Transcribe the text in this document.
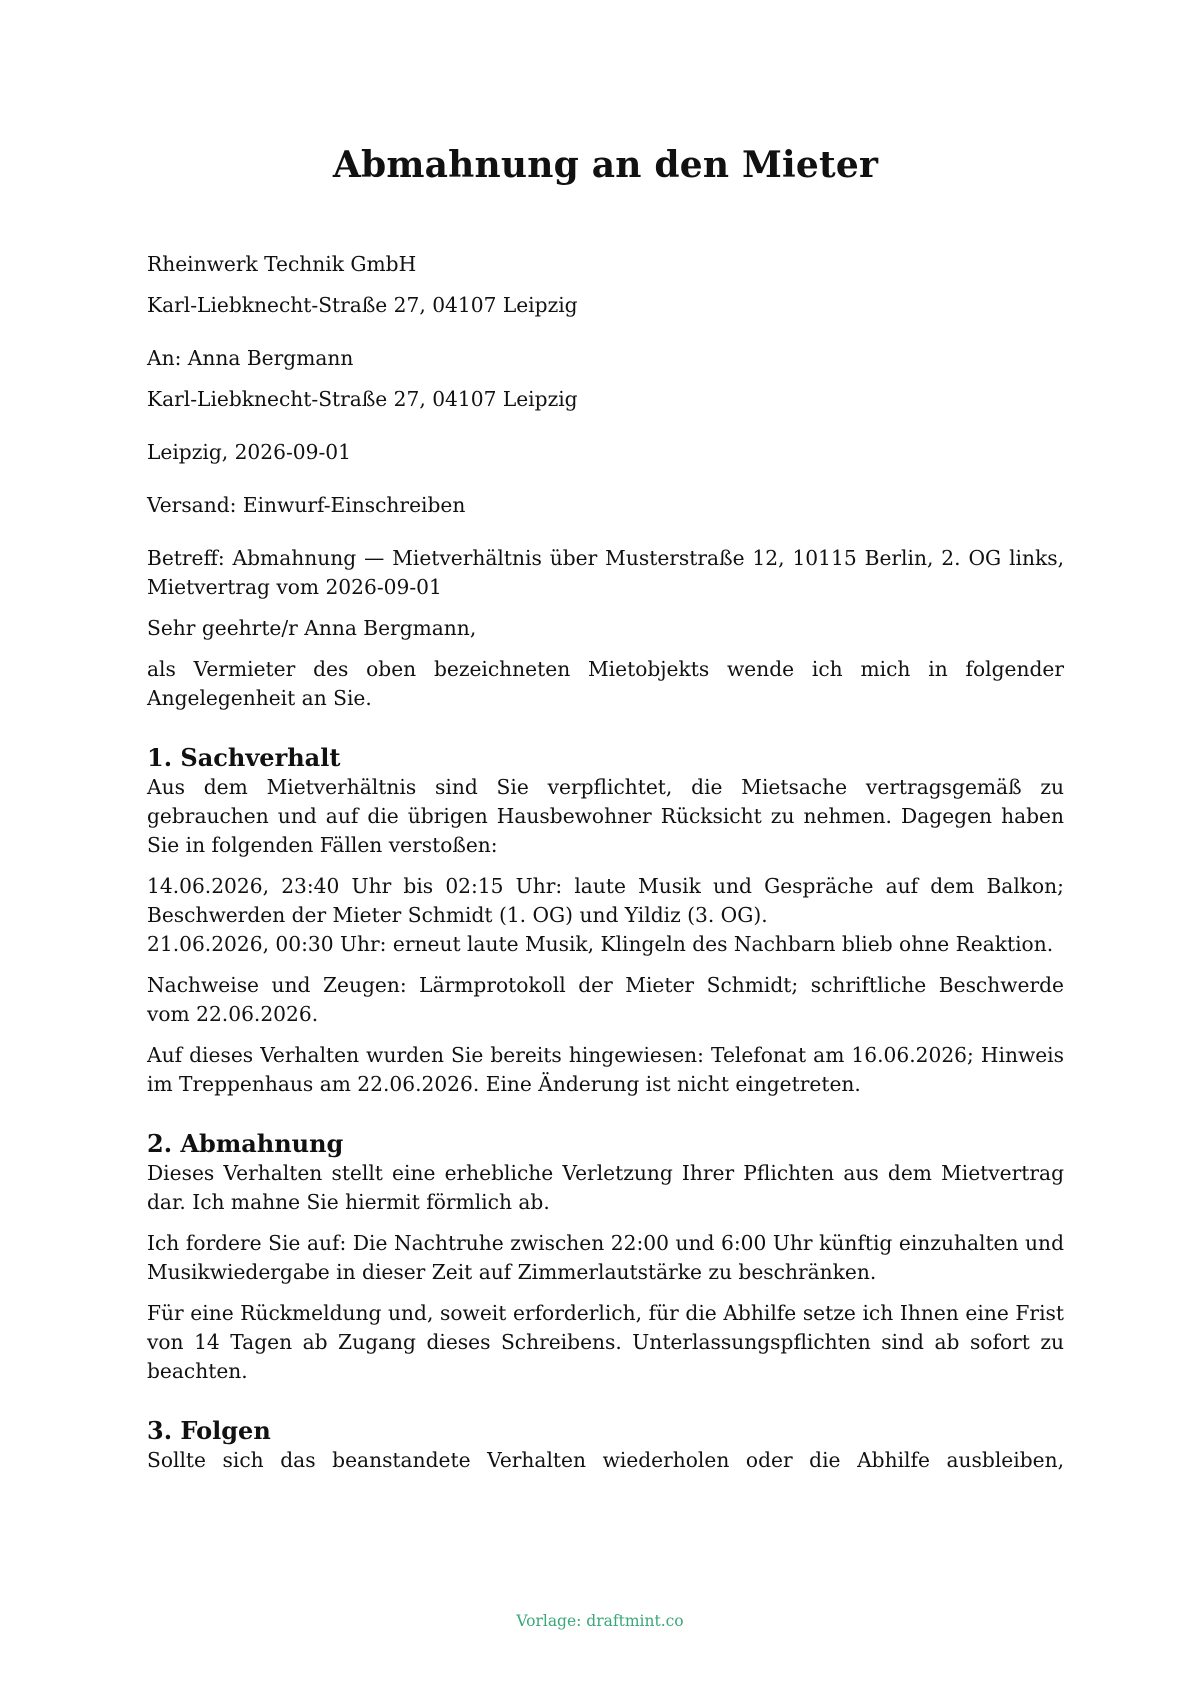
Abmahnung an den Mieter
Rheinwerk Technik GmbH
Karl-Liebknecht-Straße 27, 04107 Leipzig
An: Anna Bergmann
Karl-Liebknecht-Straße 27, 04107 Leipzig
Leipzig, 2026-09-01
Versand: Einwurf-Einschreiben

Betreff: Abmahnung — Mietverhältnis über Musterstraße 12, 10115 Berlin, 2. OG links, Mietvertrag vom 2026-09-01

Sehr geehrte/r Anna Bergmann,

als Vermieter des oben bezeichneten Mietobjekts wende ich mich in folgender Angelegenheit an Sie.

1. Sachverhalt

Aus dem Mietverhältnis sind Sie verpflichtet, die Mietsache vertragsgemäß zu gebrauchen und auf die übrigen Hausbewohner Rücksicht zu nehmen. Dagegen haben Sie in folgenden Fällen verstoßen:

14.06.2026, 23:40 Uhr bis 02:15 Uhr: laute Musik und Gespräche auf dem Balkon; Beschwerden der Mieter Schmidt (1. OG) und Yildiz (3. OG).

21.06.2026, 00:30 Uhr: erneut laute Musik, Klingeln des Nachbarn blieb ohne Reaktion.

Nachweise und Zeugen: Lärmprotokoll der Mieter Schmidt; schriftliche Beschwerde vom 22.06.2026.

Auf dieses Verhalten wurden Sie bereits hingewiesen: Telefonat am 16.06.2026; Hinweis im Treppenhaus am 22.06.2026. Eine Änderung ist nicht eingetreten.

2. Abmahnung

Dieses Verhalten stellt eine erhebliche Verletzung Ihrer Pflichten aus dem Mietvertrag dar. Ich mahne Sie hiermit förmlich ab.

Ich fordere Sie auf: Die Nachtruhe zwischen 22:00 und 6:00 Uhr künftig einzuhalten und Musikwiedergabe in dieser Zeit auf Zimmerlautstärke zu beschränken.

Für eine Rückmeldung und, soweit erforderlich, für die Abhilfe setze ich Ihnen eine Frist von 14 Tagen ab Zugang dieses Schreibens. Unterlassungspflichten sind ab sofort zu beachten.

3. Folgen

Sollte sich das beanstandete Verhalten wiederholen oder die Abhilfe ausbleiben,

Vorlage: draftmint.co
